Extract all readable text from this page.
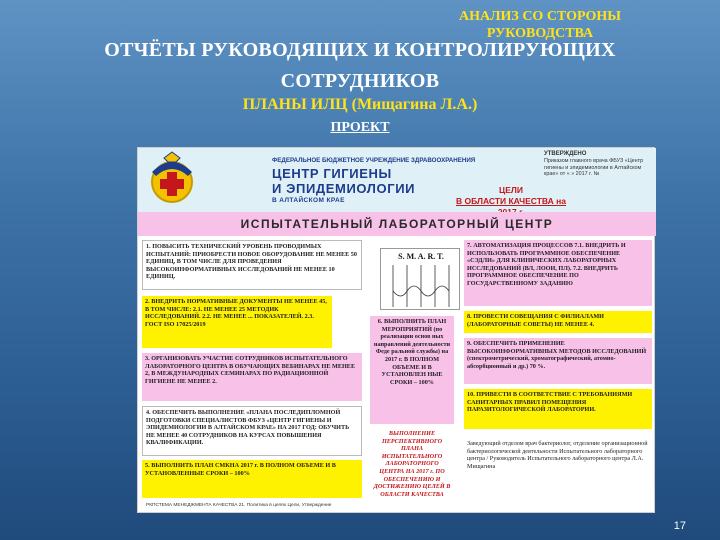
АНАЛИЗ СО СТОРОНЫ РУКОВОДСТВА
ОТЧЁТЫ РУКОВОДЯЩИХ И КОНТРОЛИРУЮЩИХ
СОТРУДНИКОВ
ПЛАНЫ ИЛЦ (Мищагина Л.А.)
ПРОЕКТ
ФЕДЕРАЛЬНОЕ БЮДЖЕТНОЕ УЧРЕЖДЕНИЕ ЗДРАВООХРАНЕНИЯ
ЦЕНТР ГИГИЕНЫ
И ЭПИДЕМИОЛОГИИ
В АЛТАЙСКОМ КРАЕ
ЦЕЛИ
В ОБЛАСТИ КАЧЕСТВА на
УТВЕРЖДЕНО
Приказом главного врача ФБУЗ «Центр гигиены и эпидемиологии в Алтайском крае» от « » 2017 г. №
ИСПЫТАТЕЛЬНЫЙ ЛАБОРАТОРНЫЙ ЦЕНТР
1. ПОВЫСИТЬ ТЕХНИЧЕСКИЙ УРОВЕНЬ ПРОВОДИМЫХ ИСПЫТАНИЙ: ПРИОБРЕСТИ НОВОЕ ОБОРУДОВАНИЕ НЕ МЕНЕЕ 50 ЕДИНИЦ, В ТОМ ЧИСЛЕ ДЛЯ ПРОВЕДЕНИЯ ВЫСОКОИНФОРМАТИВНЫХ ИССЛЕДОВАНИЙ НЕ МЕНЕЕ 10 ЕДИНИЦ.
2. ВНЕДРИТЬ НОРМАТИВНЫЕ ДОКУМЕНТЫ НЕ МЕНЕЕ 45, В ТОМ ЧИСЛЕ: 2.1. НЕ МЕНЕЕ 25 МЕТОДИК ИССЛЕДОВАНИЙ. 2.2. НЕ МЕНЕЕ ... ПОКАЗАТЕЛЕЙ. 2.3. ГОСТ ISO 17025/2019
3. ОРГАНИЗОВАТЬ УЧАСТИЕ СОТРУДНИКОВ ИСПЫТАТЕЛЬНОГО ЛАБОРАТОРНОГО ЦЕНТРА В ОБУЧАЮЩИХ ВЕБИНАРАХ НЕ МЕНЕЕ 2, В МЕЖДУНАРОДНЫХ СЕМИНАРАХ ПО РАДИАЦИОННОЙ ГИГИЕНЕ НЕ МЕНЕЕ 2.
4. ОБЕСПЕЧИТЬ ВЫПОЛНЕНИЕ «ПЛАНА ПОСЛЕДИПЛОМНОЙ ПОДГОТОВКИ СПЕЦИАЛИСТОВ ФБУЗ «ЦЕНТР ГИГИЕНЫ И ЭПИДЕМИОЛОГИИ В АЛТАЙСКОМ КРАЕ» НА 2017 ГОД: ОБУЧИТЬ НЕ МЕНЕЕ 40 СОТРУДНИКОВ НА КУРСАХ ПОВЫШЕНИЯ КВАЛИФИКАЦИИ.
5. ВЫПОЛНИТЬ ПЛАН СМКНА 2017 г. В ПОЛНОМ ОБЪЕМЕ И В УСТАНОВЛЕННЫЕ СРОКИ – 100%
S. M. A. R. T.
6. ВЫПОЛНИТЬ ПЛАН МЕРОПРИЯТИЙ (по реализации основ ных направлений деятельности Феде ральной службы) на 2017 г. В ПОЛНОМ ОБЪЕМЕ И В УСТАНОВЛЕН НЫЕ СРОКИ – 100%
ВЫПОЛНЕНИЕ ПЕРСПЕКТИВНОГО ПЛАНА ИСПЫТАТЕЛЬНОГО ЛАБОРАТОРНОГО ЦЕНТРА НА 2017 г. ПО ОБЕСПЕЧЕНИЮ И ДОСТИЖЕНИЮ ЦЕЛЕЙ В ОБЛАСТИ КАЧЕСТВА
7. АВТОМАТИЗАЦИЯ ПРОЦЕССОВ 7.1. ВНЕДРИТЬ И ИСПОЛЬЗОВАТЬ ПРОГРАММНОЕ ОБЕСПЕЧЕНИЕ «СЭДЛИ» ДЛЯ КЛИНИЧЕСКИХ ЛАБОРАТОРНЫХ ИССЛЕДОВАНИЙ (ВЛ, ЛООИ, ПЛ). 7.2. ВНЕДРИТЬ ПРОГРАММНОЕ ОБЕСПЕЧЕНИЕ ПО ГОСУДАРСТВЕННОМУ ЗАДАНИЮ
8. ПРОВЕСТИ СОВЕЩАНИЯ С ФИЛИАЛАМИ (ЛАБОРАТОРНЫЕ СОВЕТЫ) НЕ МЕНЕЕ 4.
9. ОБЕСПЕЧИТЬ ПРИМЕНЕНИЕ ВЫСОКОИНФОРМАТИВНЫХ МЕТОДОВ ИССЛЕДОВАНИЙ (спектрометрический, хроматографический, атомно-абсорбционный и др.) 70 %.
10. ПРИВЕСТИ В СООТВЕТСТВИЕ С ТРЕБОВАНИЯМИ САНИТАРНЫХ ПРАВИЛ ПОМЕЩЕНИЯ ПАРАЗИТОЛОГИЧЕСКОЙ ЛАБОРАТОРИИ.
Заведующий отделом врач бактериолог, отделение организационной бактериологической деятельности Испытательного лабораторного центра / Руководитель Испытательного лабораторного центра Л.А. Мищагина
РКПСТЕМА МЕНЕДЖМЕНТА КАЧЕСТВА 21. Политика в целях Цели, Утверждение
17
